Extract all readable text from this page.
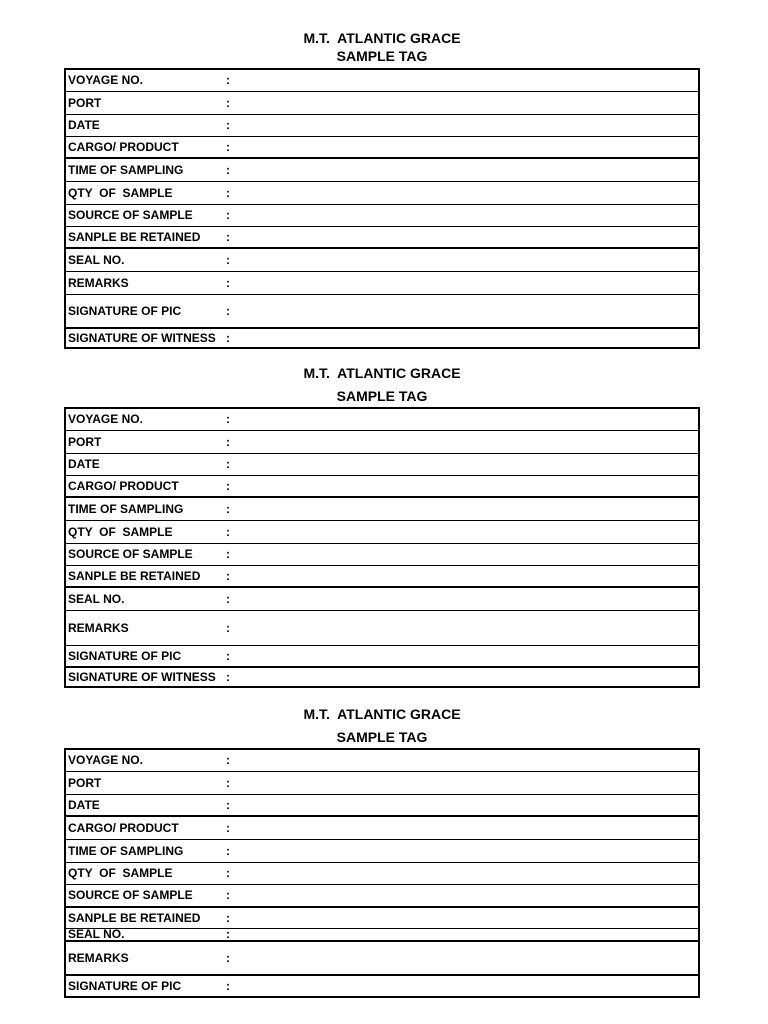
M.T.  ATLANTIC GRACE
SAMPLE TAG
VOYAGE NO.	:	
PORT	:	
DATE	:	
CARGO/ PRODUCT	:	
TIME OF SAMPLING	:	
QTY  OF  SAMPLE	:	
SOURCE OF SAMPLE	:	
SANPLE BE RETAINED	:	
SEAL NO.	:	
REMARKS	:	
SIGNATURE OF PIC	:	
SIGNATURE OF WITNESS	:	
M.T.  ATLANTIC GRACE
SAMPLE TAG
VOYAGE NO.	:	
PORT	:	
DATE	:	
CARGO/ PRODUCT	:	
TIME OF SAMPLING	:	
QTY  OF  SAMPLE	:	
SOURCE OF SAMPLE	:	
SANPLE BE RETAINED	:	
SEAL NO.	:	
REMARKS	:	
SIGNATURE OF PIC	:	
SIGNATURE OF WITNESS	:	
M.T.  ATLANTIC GRACE
SAMPLE TAG
VOYAGE NO.	:	
PORT	:	
DATE	:	
CARGO/ PRODUCT	:	
TIME OF SAMPLING	:	
QTY  OF  SAMPLE	:	
SOURCE OF SAMPLE	:	
SANPLE BE RETAINED	:	
SEAL NO.	:	
REMARKS	:	
SIGNATURE OF PIC	:	
